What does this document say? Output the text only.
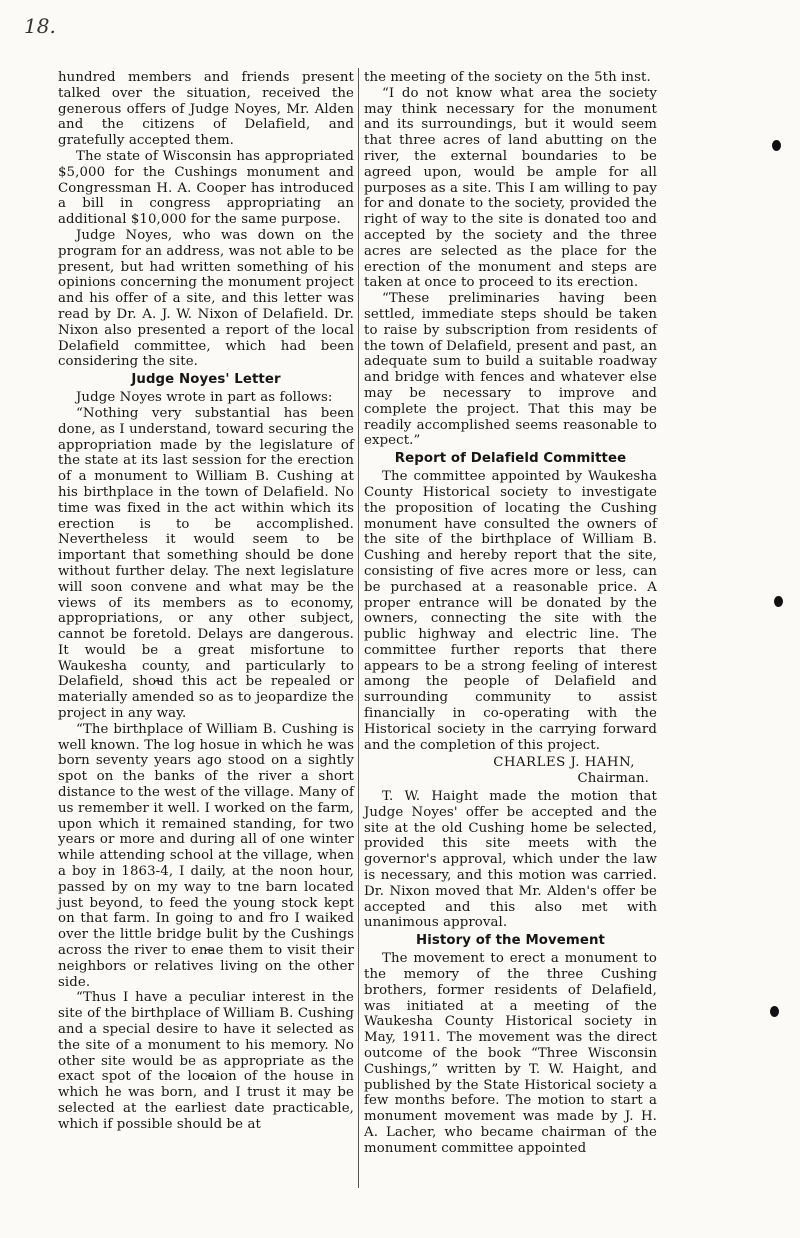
18.

hundred members and friends present talked over the situation, received the generous offers of Judge Noyes, Mr. Alden and the citizens of Delafield, and gratefully accepted them.

The state of Wisconsin has appropriated $5,000 for the Cushings monument and Congressman H. A. Cooper has introduced a bill in congress appropriating an additional $10,000 for the same purpose.

Judge Noyes, who was down on the program for an address, was not able to be present, but had written something of his opinions concerning the monument project and his offer of a site, and this letter was read by Dr. A. J. W. Nixon of Delafield. Dr. Nixon also presented a report of the local Delafield committee, which had been considering the site.

Judge Noyes' Letter

Judge Noyes wrote in part as follows:

“Nothing very substantial has been done, as I understand, toward securing the appropriation made by the legislature of the state at its last session for the erection of a monument to William B. Cushing at his birthplace in the town of Delafield. No time was fixed in the act within which its erection is to be accomplished. Nevertheless it would seem to be important that something should be done without further delay. The next legislature will soon convene and what may be the views of its members as to economy, appropriations, or any other subject, cannot be foretold. Delays are dangerous. It would be a great misfortune to Waukesha county, and particularly to Delafield, shou̴d this act be repealed or materially amended so as to jeopardize the project in any way.

“The birthplace of William B. Cushing is well known. The log hosue in which he was born seventy years ago stood on a sightly spot on the banks of the river a short distance to the west of the village. Many of us remember it well. I worked on the farm, upon which it remained standing, for two years or more and during all of one winter while attending school at the village, when a boy in 1863-4, I daily, at the noon hour, passed by on my way to tne barn located just beyond, to feed the young stock kept on that farm. In going to and fro I waiked over the little bridge bulit by the Cushings across the river to ena̴e them to visit their neighbors or relatives living on the other side.

“Thus I have a peculiar interest in the site of the birthplace of William B. Cushing and a special desire to have it selected as the site of a monument to his memory. No other site would be as appropriate as the exact spot of the loca̴ion of the house in which he was born, and I trust it may be selected at the earliest date practicable, which if possible should be at

the meeting of the society on the 5th inst.

“I do not know what area the society may think necessary for the monument and its surroundings, but it would seem that three acres of land abutting on the river, the external boundaries to be agreed upon, would be ample for all purposes as a site. This I am willing to pay for and donate to the society, provided the right of way to the site is donated too and accepted by the society and the three acres are selected as the place for the erection of the monument and steps are taken at once to proceed to its erection.

“These preliminaries having been settled, immediate steps should be taken to raise by subscription from residents of the town of Delafield, present and past, an adequate sum to build a suitable roadway and bridge with fences and whatever else may be necessary to improve and complete the project. That this may be readily accomplished seems reasonable to expect.”

Report of Delafield Committee

The committee appointed by Waukesha County Historical society to investigate the proposition of locating the Cushing monument have consulted the owners of the site of the birthplace of William B. Cushing and hereby report that the site, consisting of five acres more or less, can be purchased at a reasonable price. A proper entrance will be donated by the owners, connecting the site with the public highway and electric line. The committee further reports that there appears to be a strong feeling of interest among the people of Delafield and surrounding community to assist financially in co-operating with the Historical society in the carrying forward and the completion of this project.

CHARLES J. HAHN,

Chairman.

T. W. Haight made the motion that Judge Noyes' offer be accepted and the site at the old Cushing home be selected, provided this site meets with the governor's approval, which under the law is necessary, and this motion was carried. Dr. Nixon moved that Mr. Alden's offer be accepted and this also met with unanimous approval.

History of the Movement

The movement to erect a monument to the memory of the three Cushing brothers, former residents of Delafield, was initiated at a meeting of the Waukesha County Historical society in May, 1911. The movement was the direct outcome of the book “Three Wisconsin Cushings,” written by T. W. Haight, and published by the State Historical society a few months before. The motion to start a monument movement was made by J. H. A. Lacher, who became chairman of the monument committee appointed
